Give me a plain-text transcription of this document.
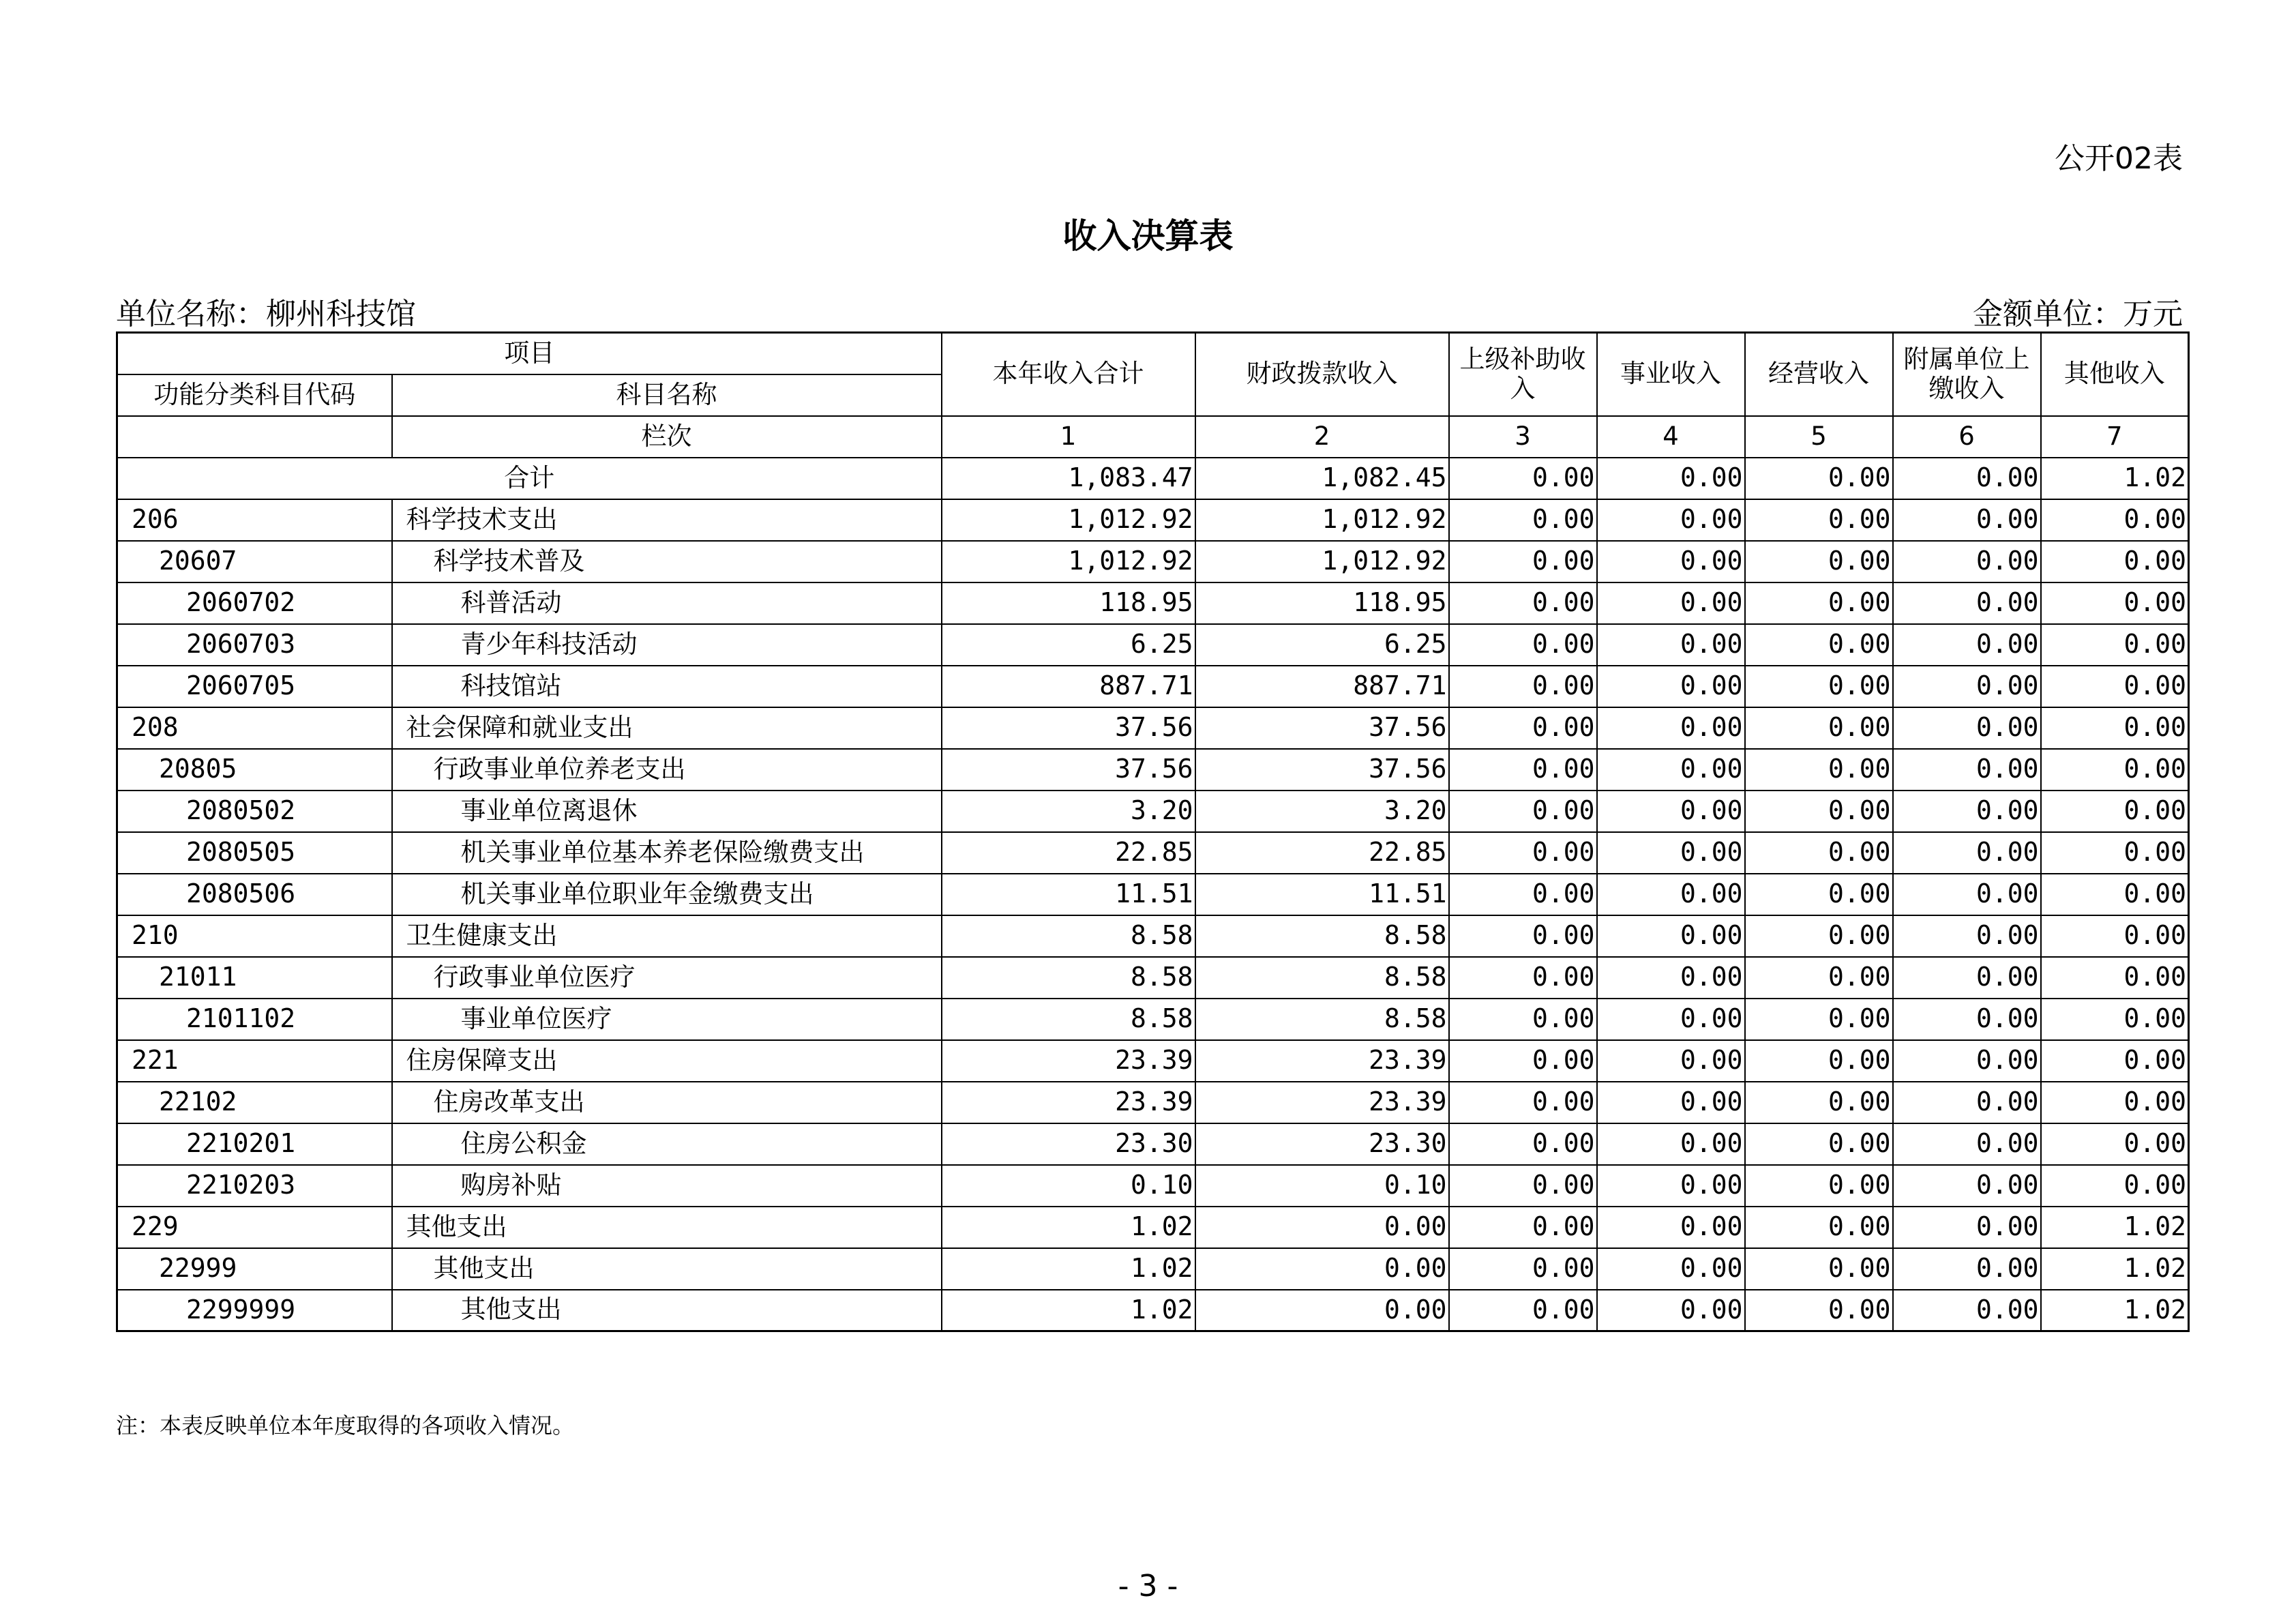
公开02表
收入决算表
单位名称：柳州科技馆	金额单位：万元
项目		本年收入合计	财政拨款收入	上级补助收入	事业收入	经营收入	附属单位上缴收入	其他收入
功能分类科目代码	科目名称							
	栏次	1	2	3	4	5	6	7
合计		1,083.47	1,082.45	0.00	0.00	0.00	0.00	1.02
206	科学技术支出	1,012.92	1,012.92	0.00	0.00	0.00	0.00	0.00
20607	科学技术普及	1,012.92	1,012.92	0.00	0.00	0.00	0.00	0.00
2060702	科普活动	118.95	118.95	0.00	0.00	0.00	0.00	0.00
2060703	青少年科技活动	6.25	6.25	0.00	0.00	0.00	0.00	0.00
2060705	科技馆站	887.71	887.71	0.00	0.00	0.00	0.00	0.00
208	社会保障和就业支出	37.56	37.56	0.00	0.00	0.00	0.00	0.00
20805	行政事业单位养老支出	37.56	37.56	0.00	0.00	0.00	0.00	0.00
2080502	事业单位离退休	3.20	3.20	0.00	0.00	0.00	0.00	0.00
2080505	机关事业单位基本养老保险缴费支出	22.85	22.85	0.00	0.00	0.00	0.00	0.00
2080506	机关事业单位职业年金缴费支出	11.51	11.51	0.00	0.00	0.00	0.00	0.00
210	卫生健康支出	8.58	8.58	0.00	0.00	0.00	0.00	0.00
21011	行政事业单位医疗	8.58	8.58	0.00	0.00	0.00	0.00	0.00
2101102	事业单位医疗	8.58	8.58	0.00	0.00	0.00	0.00	0.00
221	住房保障支出	23.39	23.39	0.00	0.00	0.00	0.00	0.00
22102	住房改革支出	23.39	23.39	0.00	0.00	0.00	0.00	0.00
2210201	住房公积金	23.30	23.30	0.00	0.00	0.00	0.00	0.00
2210203	购房补贴	0.10	0.10	0.00	0.00	0.00	0.00	0.00
229	其他支出	1.02	0.00	0.00	0.00	0.00	0.00	1.02
22999	其他支出	1.02	0.00	0.00	0.00	0.00	0.00	1.02
2299999	其他支出	1.02	0.00	0.00	0.00	0.00	0.00	1.02
注：本表反映单位本年度取得的各项收入情况。
- 3 -
